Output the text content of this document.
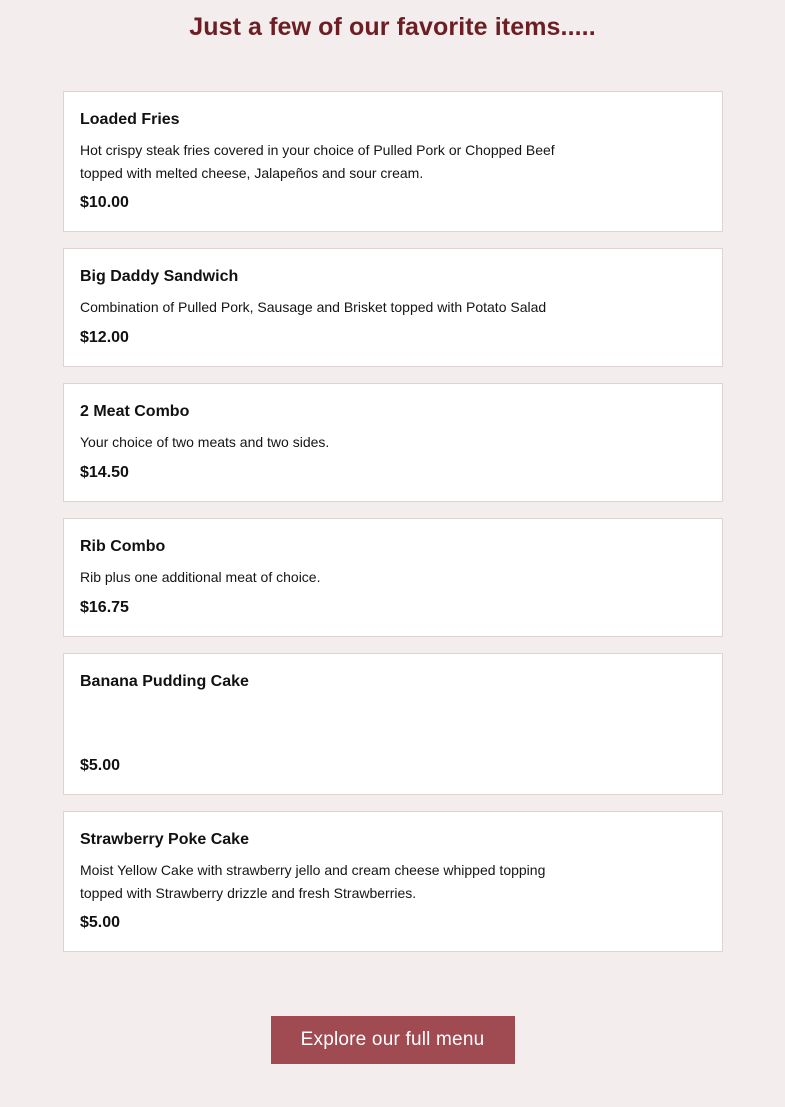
Just a few of our favorite items.....
Loaded Fries
Hot crispy steak fries covered in your choice of Pulled Pork or Chopped Beef topped with melted cheese, Jalapeños and sour cream.
$10.00
Big Daddy Sandwich
Combination of Pulled Pork, Sausage and Brisket topped with Potato Salad
$12.00
2 Meat Combo
Your choice of two meats and two sides.
$14.50
Rib Combo
Rib plus one additional meat of choice.
$16.75
Banana Pudding Cake
$5.00
Strawberry Poke Cake
Moist Yellow Cake with strawberry jello and cream cheese whipped topping topped with Strawberry drizzle and fresh Strawberries.
$5.00
Explore our full menu
